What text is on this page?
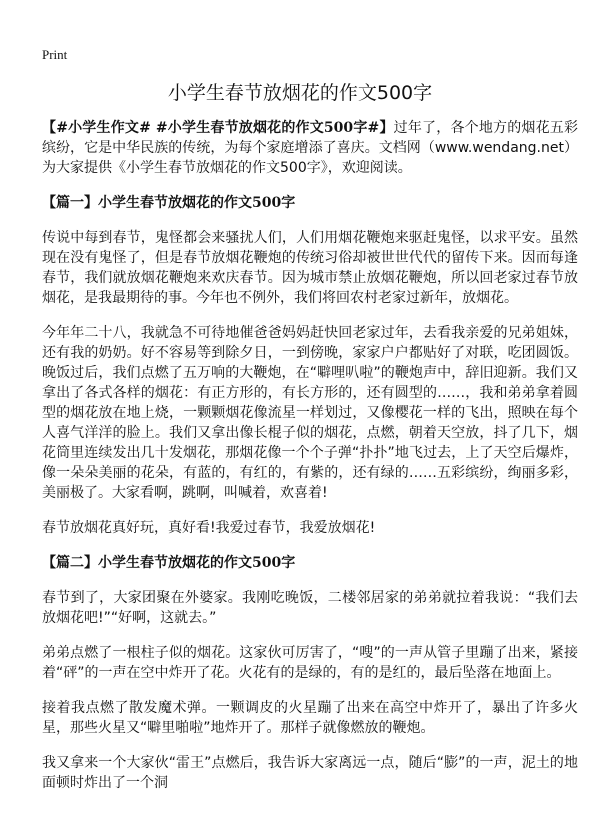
Print
小学生春节放烟花的作文500字

【#小学生作文# #小学生春节放烟花的作文500字#】过年了，各个地方的烟花五彩缤纷，它是中华民族的传统，为每个家庭增添了喜庆。文档网（www.wendang.net）为大家提供《小学生春节放烟花的作文500字》，欢迎阅读。

【篇一】小学生春节放烟花的作文500字

传说中每到春节，鬼怪都会来骚扰人们，人们用烟花鞭炮来驱赶鬼怪，以求平安。虽然现在没有鬼怪了，但是春节放烟花鞭炮的传统习俗却被世世代代的留传下来。因而每逢春节，我们就放烟花鞭炮来欢庆春节。因为城市禁止放烟花鞭炮，所以回老家过春节放烟花，是我最期待的事。今年也不例外，我们将回农村老家过新年，放烟花。

今年年二十八，我就急不可待地催爸爸妈妈赶快回老家过年，去看我亲爱的兄弟姐妹，还有我的奶奶。好不容易等到除夕日，一到傍晚，家家户户都贴好了对联，吃团圆饭。晚饭过后，我们点燃了五万响的大鞭炮，在“噼哩叭啦”的鞭炮声中，辞旧迎新。我们又拿出了各式各样的烟花：有正方形的，有长方形的，还有圆型的……，我和弟弟拿着圆型的烟花放在地上烧，一颗颗烟花像流星一样划过，又像樱花一样的飞出，照映在每个人喜气洋洋的脸上。我们又拿出像长棍子似的烟花，点燃，朝着天空放，抖了几下，烟花筒里连续发出几十发烟花，那烟花像一个个子弹“扑扑”地飞过去，上了天空后爆炸，像一朵朵美丽的花朵，有蓝的，有红的，有紫的，还有绿的……五彩缤纷，绚丽多彩，美丽极了。大家看啊，跳啊，叫喊着，欢喜着!

春节放烟花真好玩，真好看!我爱过春节，我爱放烟花!

【篇二】小学生春节放烟花的作文500字

春节到了，大家团聚在外婆家。我刚吃晚饭，二楼邻居家的弟弟就拉着我说：“我们去放烟花吧!”“好啊，这就去。”

弟弟点燃了一根柱子似的烟花。这家伙可厉害了，“嗖”的一声从管子里蹦了出来，紧接着“砰”的一声在空中炸开了花。火花有的是绿的，有的是红的，最后坠落在地面上。

接着我点燃了散发魔术弹。一颗调皮的火星蹦了出来在高空中炸开了，暴出了许多火星，那些火星又“噼里啪啦”地炸开了。那样子就像燃放的鞭炮。

我又拿来一个大家伙“雷王”点燃后，我告诉大家离远一点，随后“膨”的一声，泥土的地面顿时炸出了一个洞
